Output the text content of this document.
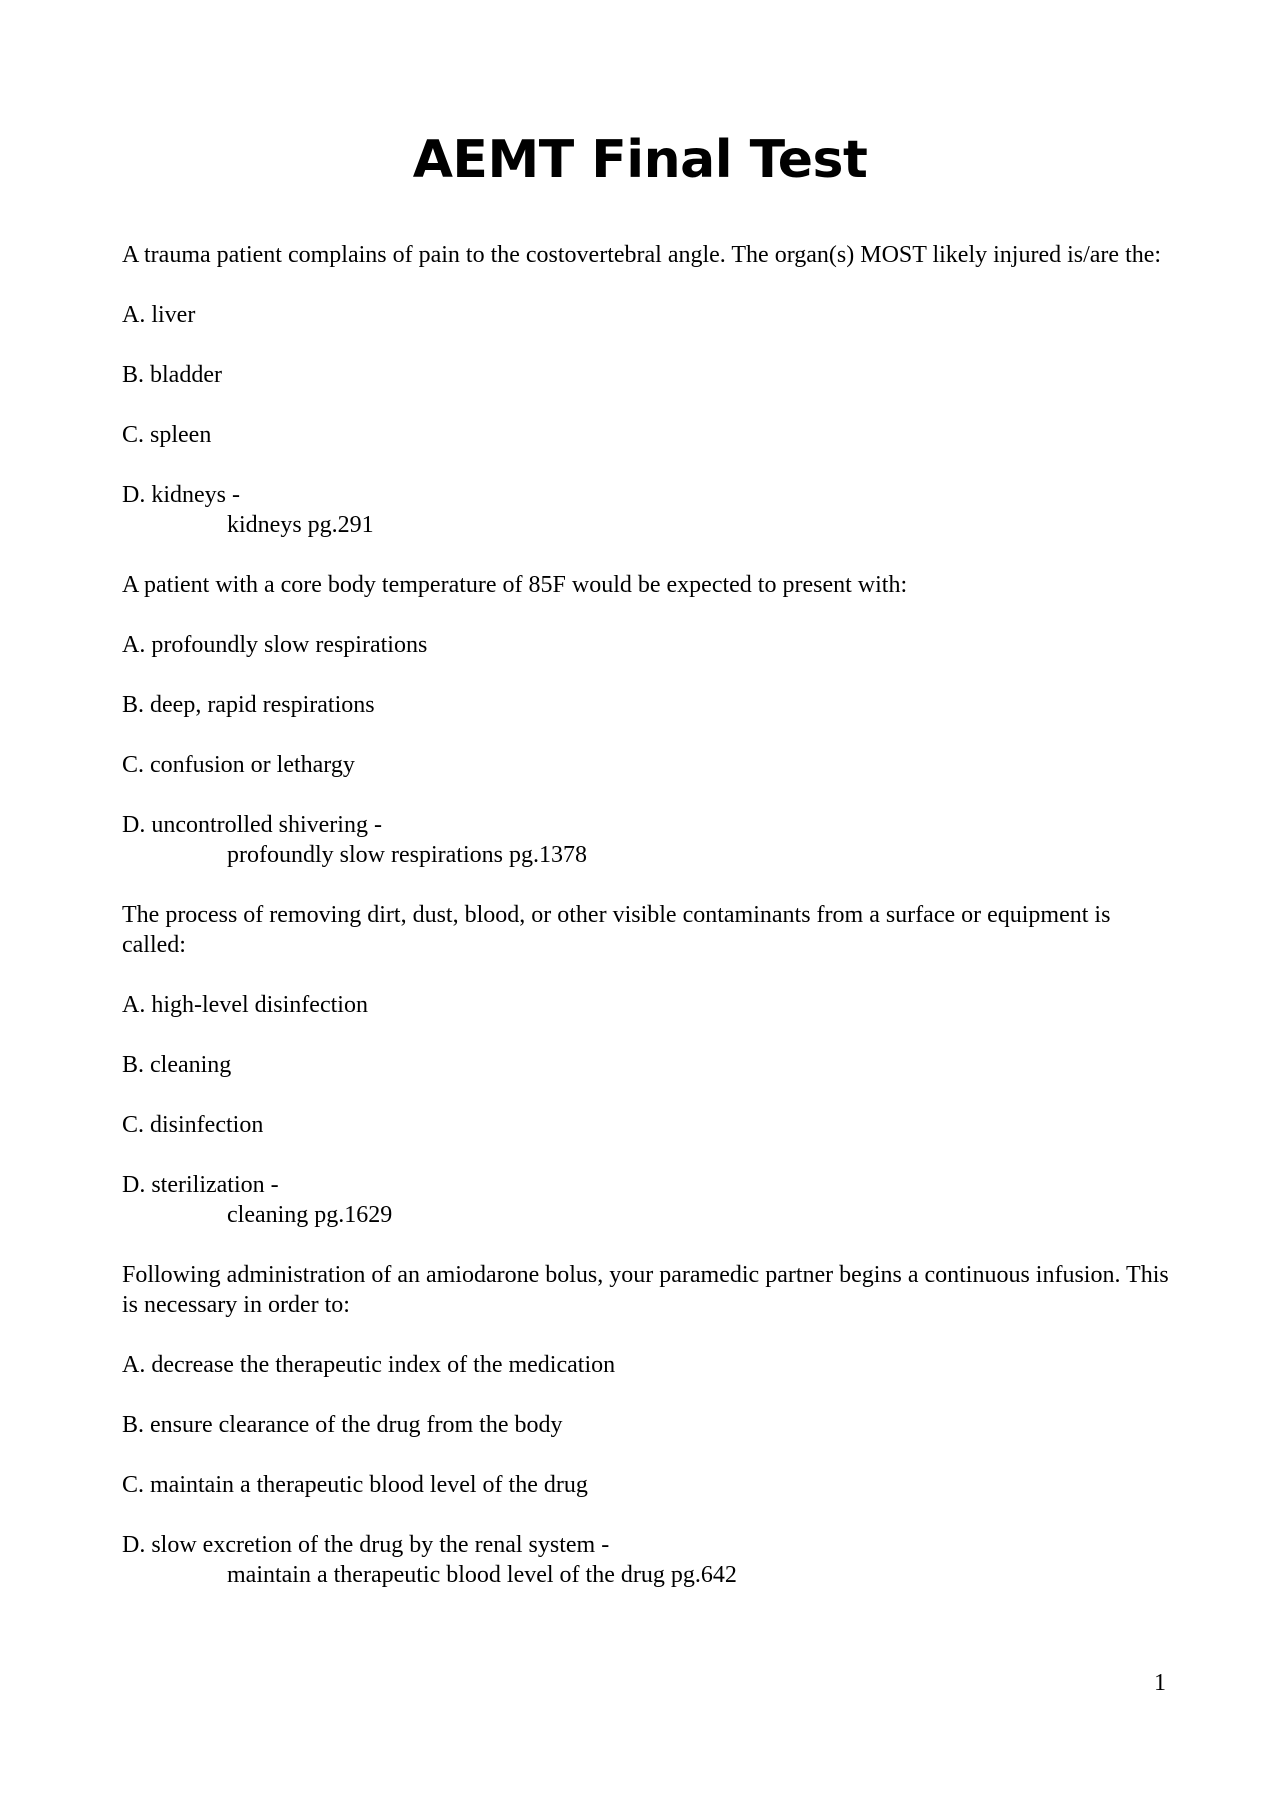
AEMT Final Test

A trauma patient complains of pain to the costovertebral angle. The organ(s) MOST likely injured is/are the:

A. liver

B. bladder

C. spleen

D. kidneys -

kidneys pg.291

A patient with a core body temperature of 85F would be expected to present with:

A. profoundly slow respirations

B. deep, rapid respirations

C. confusion or lethargy

D. uncontrolled shivering -

profoundly slow respirations pg.1378

The process of removing dirt, dust, blood, or other visible contaminants from a surface or equipment is called:

A. high-level disinfection

B. cleaning

C. disinfection

D. sterilization -

cleaning pg.1629

Following administration of an amiodarone bolus, your paramedic partner begins a continuous infusion. This is necessary in order to:

A. decrease the therapeutic index of the medication

B. ensure clearance of the drug from the body

C. maintain a therapeutic blood level of the drug

D. slow excretion of the drug by the renal system -

maintain a therapeutic blood level of the drug pg.642

1
